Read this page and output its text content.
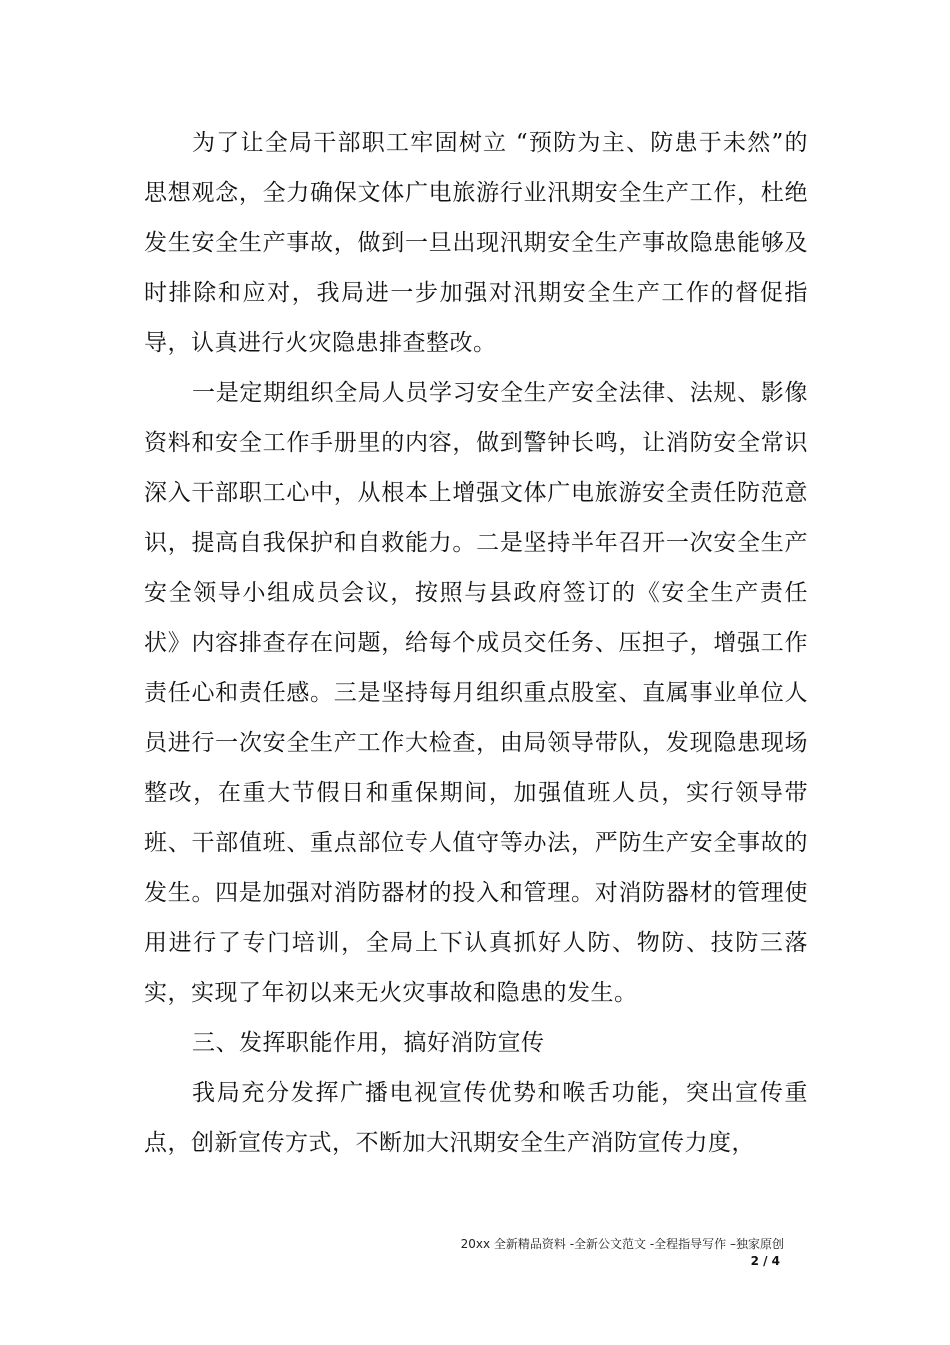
为了让全局干部职工牢固树立 “预防为主、防患于未然”的思想观念，全力确保文体广电旅游行业汛期安全生产工作，杜绝发生安全生产事故，做到一旦出现汛期安全生产事故隐患能够及时排除和应对，我局进一步加强对汛期安全生产工作的督促指导，认真进行火灾隐患排查整改。

一是定期组织全局人员学习安全生产安全法律、法规、影像资料和安全工作手册里的内容，做到警钟长鸣，让消防安全常识深入干部职工心中，从根本上增强文体广电旅游安全责任防范意识，提高自我保护和自救能力。二是坚持半年召开一次安全生产安全领导小组成员会议，按照与县政府签订的《安全生产责任状》内容排查存在问题，给每个成员交任务、压担子，增强工作责任心和责任感。三是坚持每月组织重点股室、直属事业单位人员进行一次安全生产工作大检查，由局领导带队，发现隐患现场整改，在重大节假日和重保期间，加强值班人员，实行领导带班、干部值班、重点部位专人值守等办法，严防生产安全事故的发生。四是加强对消防器材的投入和管理。对消防器材的管理使用进行了专门培训，全局上下认真抓好人防、物防、技防三落实，实现了年初以来无火灾事故和隐患的发生。

三、发挥职能作用，搞好消防宣传

我局充分发挥广播电视宣传优势和喉舌功能，突出宣传重点，创新宣传方式，不断加大汛期安全生产消防宣传力度，

20xx 全新精品资料 -全新公文范文 -全程指导写作 –独家原创
2 / 4
